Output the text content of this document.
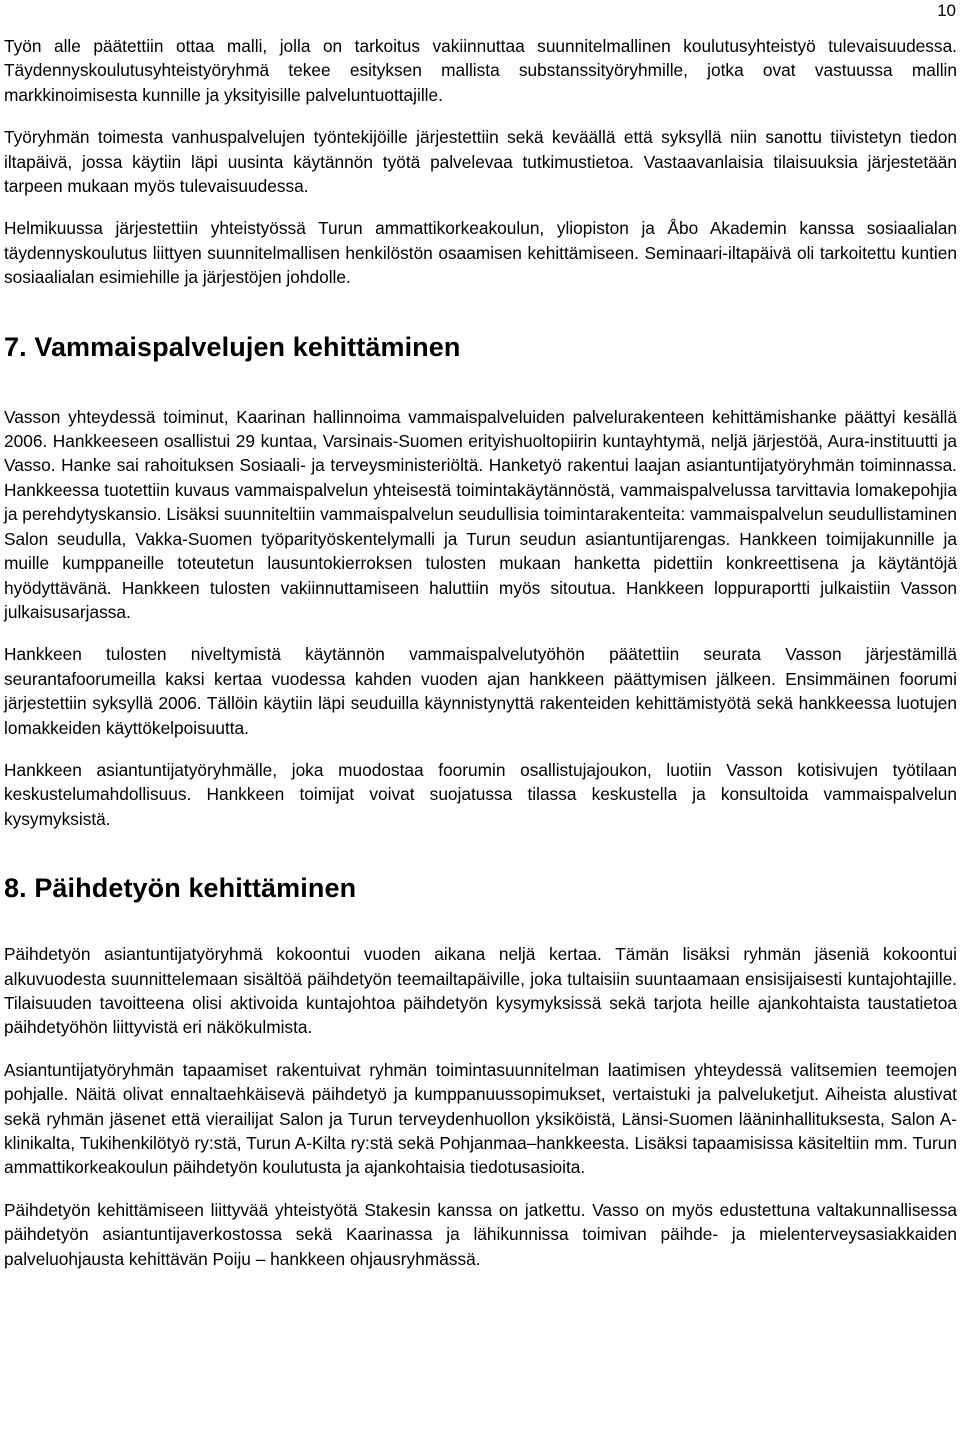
10

Työn alle päätettiin ottaa malli, jolla on tarkoitus vakiinnuttaa suunnitelmallinen koulutusyhteistyö tulevaisuudessa. Täydennyskoulutusyhteistyöryhmä tekee esityksen mallista substanssityöryhmille, jotka ovat vastuussa mallin markkinoimisesta kunnille ja yksityisille palveluntuottajille.

Työryhmän toimesta vanhuspalvelujen työntekijöille järjestettiin sekä keväällä että syksyllä niin sanottu tiivistetyn tiedon iltapäivä, jossa käytiin läpi uusinta käytännön työtä palvelevaa tutkimustietoa. Vastaavanlaisia tilaisuuksia järjestetään tarpeen mukaan myös tulevaisuudessa.

Helmikuussa järjestettiin yhteistyössä Turun ammattikorkeakoulun, yliopiston ja Åbo Akademin kanssa sosiaalialan täydennyskoulutus liittyen suunnitelmallisen henkilöstön osaamisen kehittämiseen. Seminaari-iltapäivä oli tarkoitettu kuntien sosiaalialan esimiehille ja järjestöjen johdolle.

7. Vammaispalvelujen kehittäminen

Vasson yhteydessä toiminut, Kaarinan hallinnoima vammaispalveluiden palvelurakenteen kehittämishanke päättyi kesällä 2006. Hankkeeseen osallistui 29 kuntaa, Varsinais-Suomen erityishuoltopiirin kuntayhtymä, neljä järjestöä, Aura-instituutti ja Vasso. Hanke sai rahoituksen Sosiaali- ja terveysministeriöltä. Hanketyö rakentui laajan asiantuntijatyöryhmän toiminnassa. Hankkeessa tuotettiin kuvaus vammaispalvelun yhteisestä toimintakäytännöstä, vammaispalvelussa tarvittavia lomakepohjia ja perehdytyskansio. Lisäksi suunniteltiin vammaispalvelun seudullisia toimintarakenteita: vammaispalvelun seudullistaminen Salon seudulla, Vakka-Suomen työparityöskentelymalli ja Turun seudun asiantuntijarengas. Hankkeen toimijakunnille ja muille kumppaneille toteutetun lausuntokierroksen tulosten mukaan hanketta pidettiin konkreettisena ja käytäntöjä hyödyttävänä. Hankkeen tulosten vakiinnuttamiseen haluttiin myös sitoutua. Hankkeen loppuraportti julkaistiin Vasson julkaisusarjassa.

Hankkeen tulosten niveltymistä käytännön vammaispalvelutyöhön päätettiin seurata Vasson järjestämillä seurantafoorumeilla kaksi kertaa vuodessa kahden vuoden ajan hankkeen päättymisen jälkeen. Ensimmäinen foorumi järjestettiin syksyllä 2006. Tällöin käytiin läpi seuduilla käynnistynyttä rakenteiden kehittämistyötä sekä hankkeessa luotujen lomakkeiden käyttökelpoisuutta.

Hankkeen asiantuntijatyöryhmälle, joka muodostaa foorumin osallistujajoukon, luotiin Vasson kotisivujen työtilaan keskustelumahdollisuus. Hankkeen toimijat voivat suojatussa tilassa keskustella ja konsultoida vammaispalvelun kysymyksistä.

8. Päihdetyön kehittäminen

Päihdetyön asiantuntijatyöryhmä kokoontui vuoden aikana neljä kertaa. Tämän lisäksi ryhmän jäseniä kokoontui alkuvuodesta suunnittelemaan sisältöä päihdetyön teemailtapäiville, joka tultaisiin suuntaamaan ensisijaisesti kuntajohtajille. Tilaisuuden tavoitteena olisi aktivoida kuntajohtoa päihdetyön kysymyksissä sekä tarjota heille ajankohtaista taustatietoa päihdetyöhön liittyvistä eri näkökulmista.

Asiantuntijatyöryhmän tapaamiset rakentuivat ryhmän toimintasuunnitelman laatimisen yhteydessä valitsemien teemojen pohjalle. Näitä olivat ennaltaehkäisevä päihdetyö ja kumppanuussopimukset, vertaistuki ja palveluketjut. Aiheista alustivat sekä ryhmän jäsenet että vierailijat Salon ja Turun terveydenhuollon yksiköistä, Länsi-Suomen lääninhallituksesta, Salon A-klinikalta, Tukihenkilötyö ry:stä, Turun A-Kilta ry:stä sekä Pohjanmaa–hankkeesta. Lisäksi tapaamisissa käsiteltiin mm. Turun ammattikorkeakoulun päihdetyön koulutusta ja ajankohtaisia tiedotusasioita.

Päihdetyön kehittämiseen liittyvää yhteistyötä Stakesin kanssa on jatkettu. Vasso on myös edustettuna valtakunnallisessa päihdetyön asiantuntijaverkostossa sekä Kaarinassa ja lähikunnissa toimivan päihde- ja mielenterveysasiakkaiden palveluohjausta kehittävän Poiju – hankkeen ohjausryhmässä.
